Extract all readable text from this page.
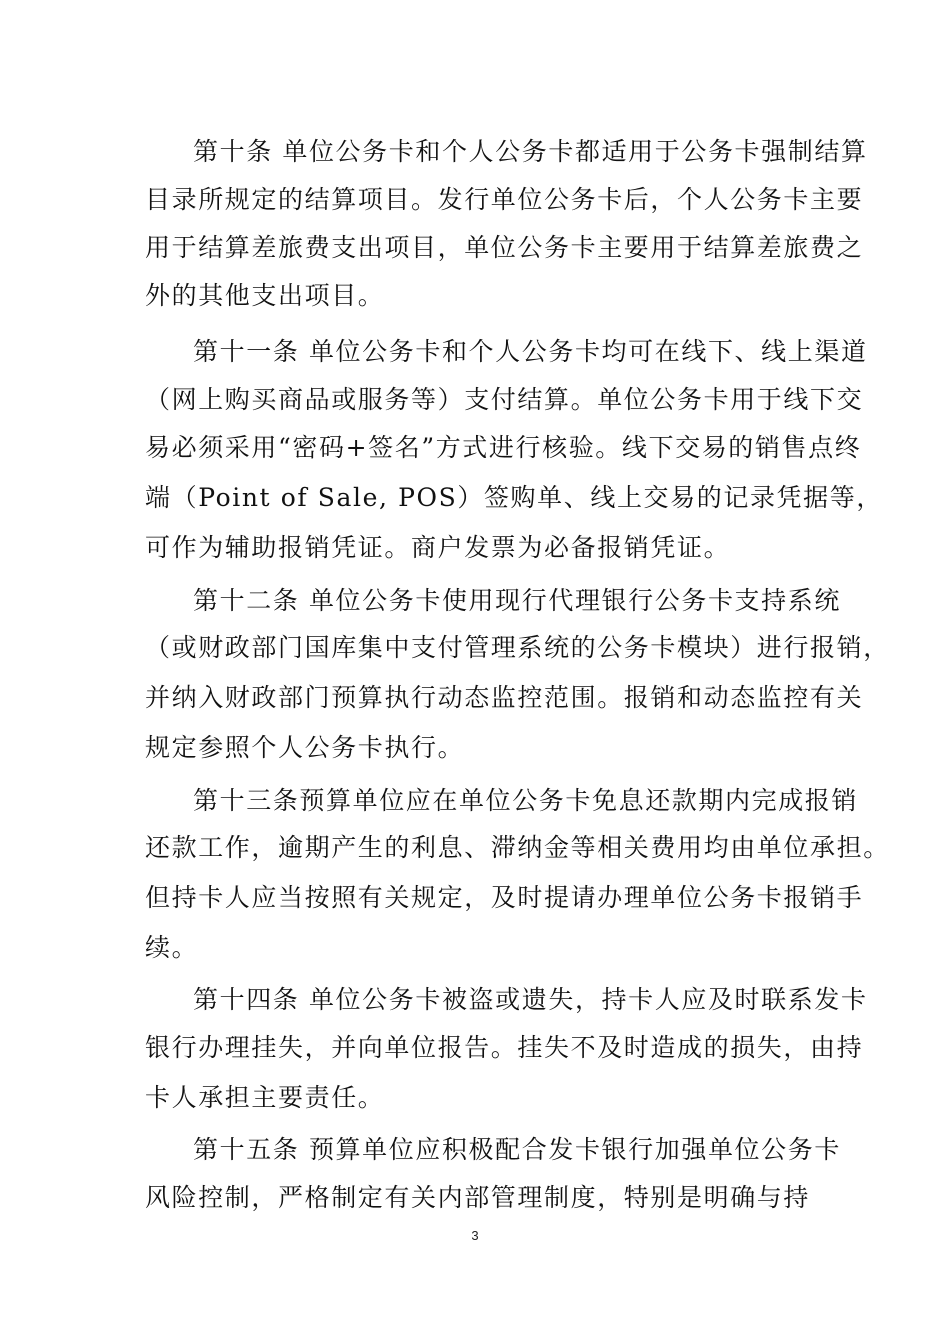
第十条 单位公务卡和个人公务卡都适用于公务卡强制结算
目录所规定的结算项目。发行单位公务卡后，个人公务卡主要
用于结算差旅费支出项目，单位公务卡主要用于结算差旅费之
外的其他支出项目。
第十一条 单位公务卡和个人公务卡均可在线下、线上渠道
（网上购买商品或服务等）支付结算。单位公务卡用于线下交
易必须采用“密码+签名”方式进行核验。线下交易的销售点终
端（Point of Sale, POS）签购单、线上交易的记录凭据等，
可作为辅助报销凭证。商户发票为必备报销凭证。
第十二条 单位公务卡使用现行代理银行公务卡支持系统
（或财政部门国库集中支付管理系统的公务卡模块）进行报销，
并纳入财政部门预算执行动态监控范围。报销和动态监控有关
规定参照个人公务卡执行。
第十三条预算单位应在单位公务卡免息还款期内完成报销
还款工作，逾期产生的利息、滞纳金等相关费用均由单位承担。
但持卡人应当按照有关规定，及时提请办理单位公务卡报销手
续。
第十四条 单位公务卡被盗或遗失，持卡人应及时联系发卡
银行办理挂失，并向单位报告。挂失不及时造成的损失，由持
卡人承担主要责任。
第十五条 预算单位应积极配合发卡银行加强单位公务卡
风险控制，严格制定有关内部管理制度，特别是明确与持
3
